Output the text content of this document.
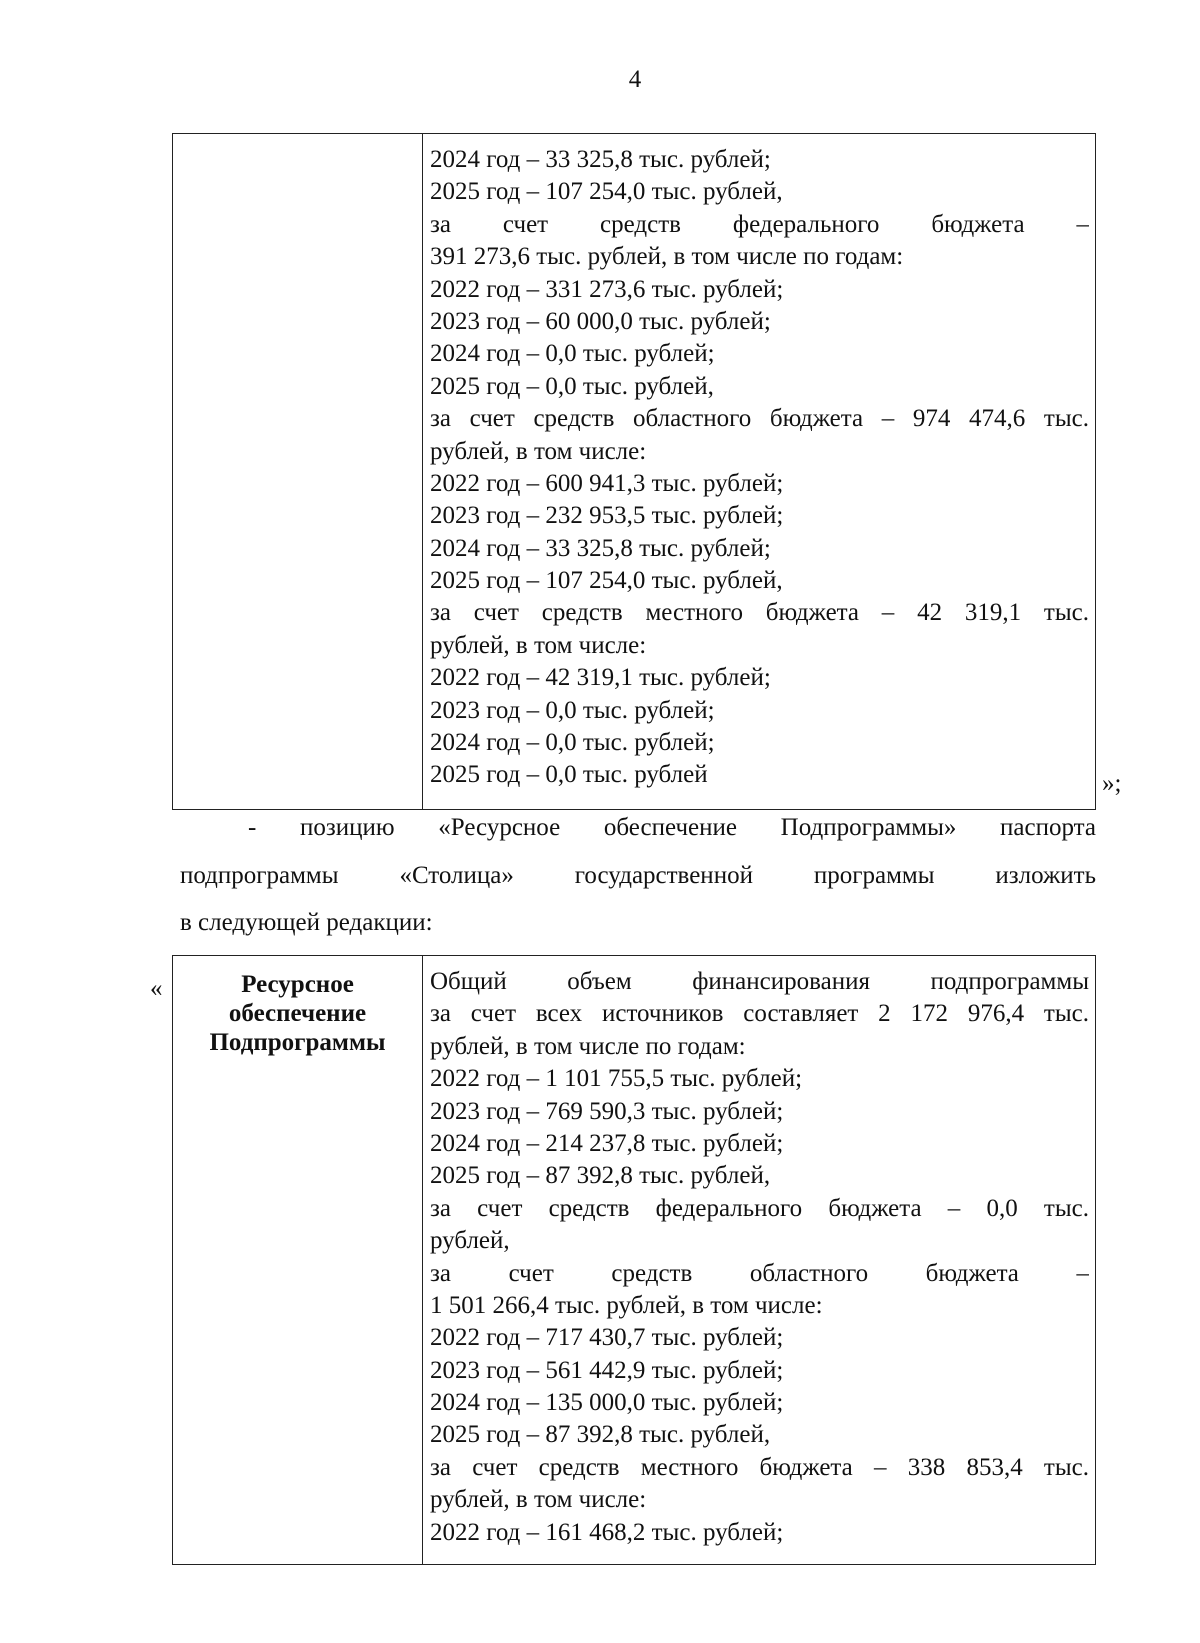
4
2024 год – 33 325,8 тыс. рублей;
2025 год – 107 254,0 тыс. рублей,
за счет средств федерального бюджета –
391 273,6 тыс. рублей, в том числе по годам:
2022 год – 331 273,6 тыс. рублей;
2023 год – 60 000,0 тыс. рублей;
2024 год – 0,0 тыс. рублей;
2025 год – 0,0 тыс. рублей,
за счет средств областного бюджета – 974 474,6 тыс.
рублей, в том числе:
2022 год – 600 941,3 тыс. рублей;
2023 год – 232 953,5 тыс. рублей;
2024 год – 33 325,8 тыс. рублей;
2025 год – 107 254,0 тыс. рублей,
за счет средств местного бюджета – 42 319,1 тыс.
рублей, в том числе:
2022 год – 42 319,1 тыс. рублей;
2023 год – 0,0 тыс. рублей;
2024 год – 0,0 тыс. рублей;
2025 год – 0,0 тыс. рублей	»;
- позицию «Ресурсное обеспечение Подпрограммы» паспорта
подпрограммы «Столица» государственной программы изложить
в следующей редакции:
«	Ресурсное
обеспечение
Подпрограммы
Общий объем финансирования подпрограммы
за счет всех источников составляет 2 172 976,4 тыс.
рублей, в том числе по годам:
2022 год – 1 101 755,5 тыс. рублей;
2023 год – 769 590,3 тыс. рублей;
2024 год – 214 237,8 тыс. рублей;
2025 год – 87 392,8 тыс. рублей,
за счет средств федерального бюджета – 0,0 тыс.
рублей,
за счет средств областного бюджета –
1 501 266,4 тыс. рублей, в том числе:
2022 год – 717 430,7 тыс. рублей;
2023 год – 561 442,9 тыс. рублей;
2024 год – 135 000,0 тыс. рублей;
2025 год – 87 392,8 тыс. рублей,
за счет средств местного бюджета – 338 853,4 тыс.
рублей, в том числе:
2022 год – 161 468,2 тыс. рублей;
